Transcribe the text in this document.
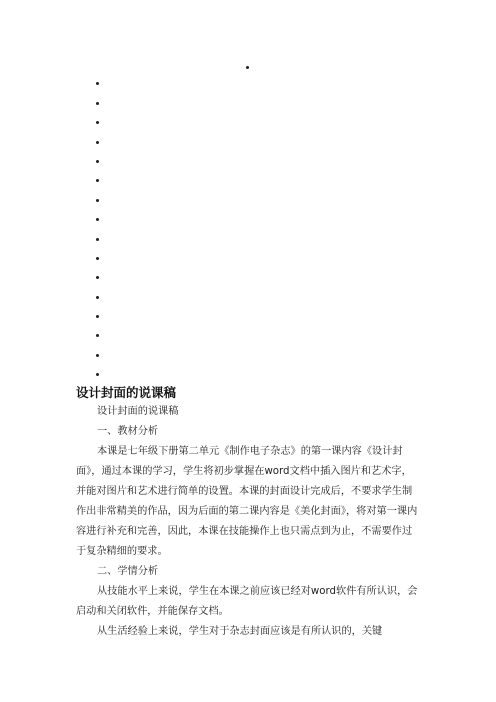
设计封面的说课稿

设计封面的说课稿

一、教材分析

本课是七年级下册第二单元《制作电子杂志》的第一课内容《设计封面》，通过本课的学习，学生将初步掌握在word文档中插入图片和艺术字，并能对图片和艺术进行简单的设置。本课的封面设计完成后，不要求学生制作出非常精美的作品，因为后面的第二课内容是《美化封面》，将对第一课内容进行补充和完善，因此，本课在技能操作上也只需点到为止，不需要作过于复杂精细的要求。

二、学情分析

从技能水平上来说，学生在本课之前应该已经对word软件有所认识，会启动和关闭软件，并能保存文档。

从生活经验上来说，学生对于杂志封面应该是有所认识的，关键
